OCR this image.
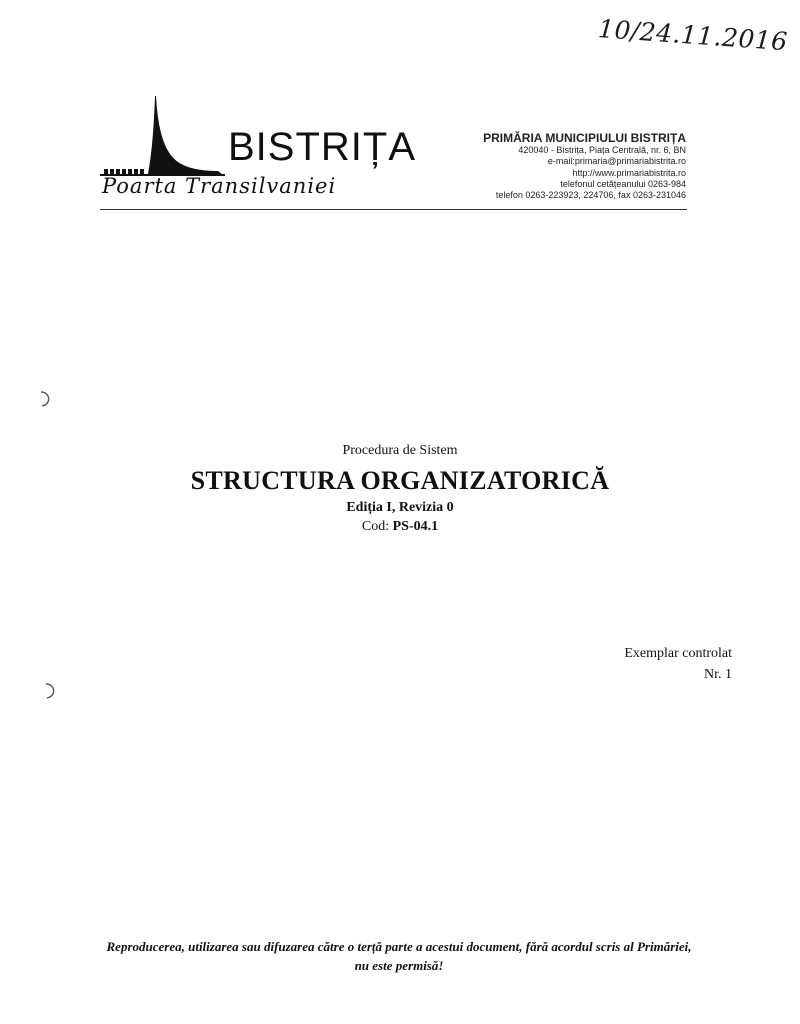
10/24.11.2016
BISTRIȚA
Poarta Transilvaniei
PRIMĂRIA MUNICIPIULUI BISTRIȚA
420040 - Bistrița, Piața Centrală, nr. 6, BN
e-mail:primaria@primariabistrita.ro
http://www.primariabistrita.ro
telefonul cetățeanului 0263-984
telefon 0263-223923, 224706, fax 0263-231046
Procedura de Sistem
STRUCTURA ORGANIZATORICĂ
Ediția I, Revizia 0
Cod: PS-04.1
Exemplar controlat
Nr. 1
Reproducerea, utilizarea sau difuzarea către o terță parte a acestui document, fără acordul scris al Primăriei,
nu este permisă!
